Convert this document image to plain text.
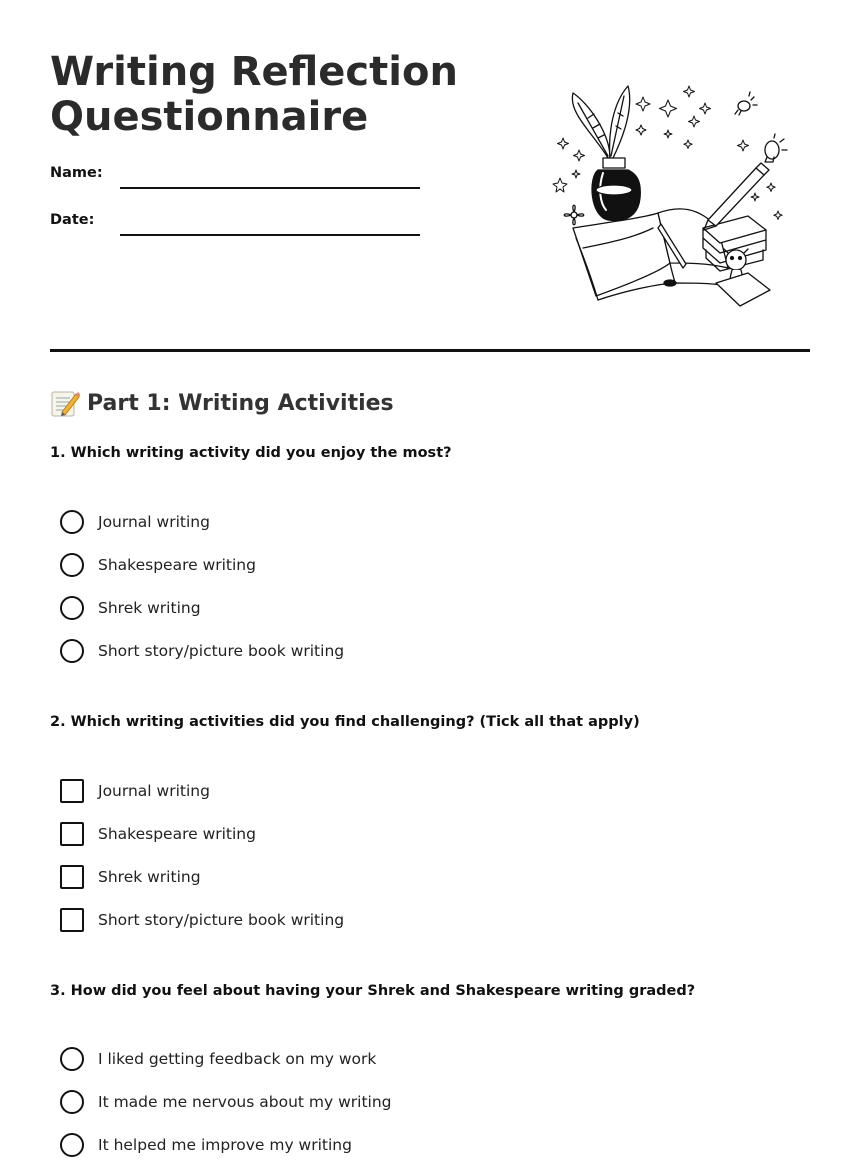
Writing Reflection
Questionnaire
Name:
Date:
Part 1: Writing Activities

1. Which writing activity did you enjoy the most?

Journal writing
Shakespeare writing
Shrek writing
Short story/picture book writing

2. Which writing activities did you find challenging? (Tick all that apply)

Journal writing
Shakespeare writing
Shrek writing
Short story/picture book writing

3. How did you feel about having your Shrek and Shakespeare writing graded?

I liked getting feedback on my work
It made me nervous about my writing
It helped me improve my writing
